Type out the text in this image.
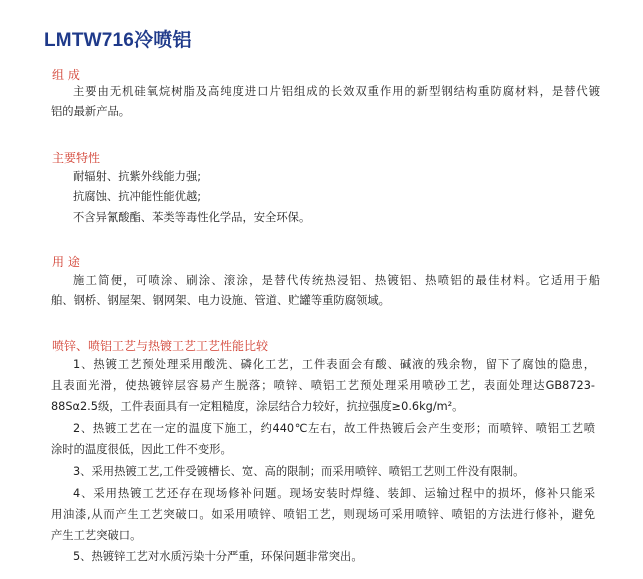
LMTW716冷喷铝
组 成
主要由无机硅氧烷树脂及高纯度进口片铝组成的长效双重作用的新型钢结构重防腐材料，是替代镀
铝的最新产品。
主要特性
耐辐射、抗紫外线能力强;
抗腐蚀、抗冲能性能优越;
不含异氰酸酯、苯类等毒性化学品，安全环保。
用 途
施工简便，可喷涂、刷涂、滚涂，是替代传统热浸铝、热镀铝、热喷铝的最佳材料。它适用于船
舶、钢桥、钢屋架、钢网架、电力设施、管道、贮罐等重防腐领域。
喷锌、喷铝工艺与热镀工艺工艺性能比较
1、热镀工艺预处理采用酸洗、磷化工艺，工件表面会有酸、碱液的残余物，留下了腐蚀的隐患，
且表面光滑，使热镀锌层容易产生脱落；喷锌、喷铝工艺预处理采用喷砂工艺，表面处理达GB8723-
88Sα2.5级，工件表面具有一定粗糙度，涂层结合力较好，抗拉强度≥0.6kg/m²。
2、热镀工艺在一定的温度下施工，约440℃左右，故工件热镀后会产生变形；而喷锌、喷铝工艺喷
涂时的温度很低，因此工件不变形。
3、采用热镀工艺,工件受镀槽长、宽、高的限制；而采用喷锌、喷铝工艺则工件没有限制。
4、采用热镀工艺还存在现场修补问题。现场安装时焊缝、装卸、运输过程中的损坏，修补只能采
用油漆,从而产生工艺突破口。如采用喷锌、喷铝工艺，则现场可采用喷锌、喷铝的方法进行修补，避免
产生工艺突破口。
5、热镀锌工艺对水质污染十分严重，环保问题非常突出。
